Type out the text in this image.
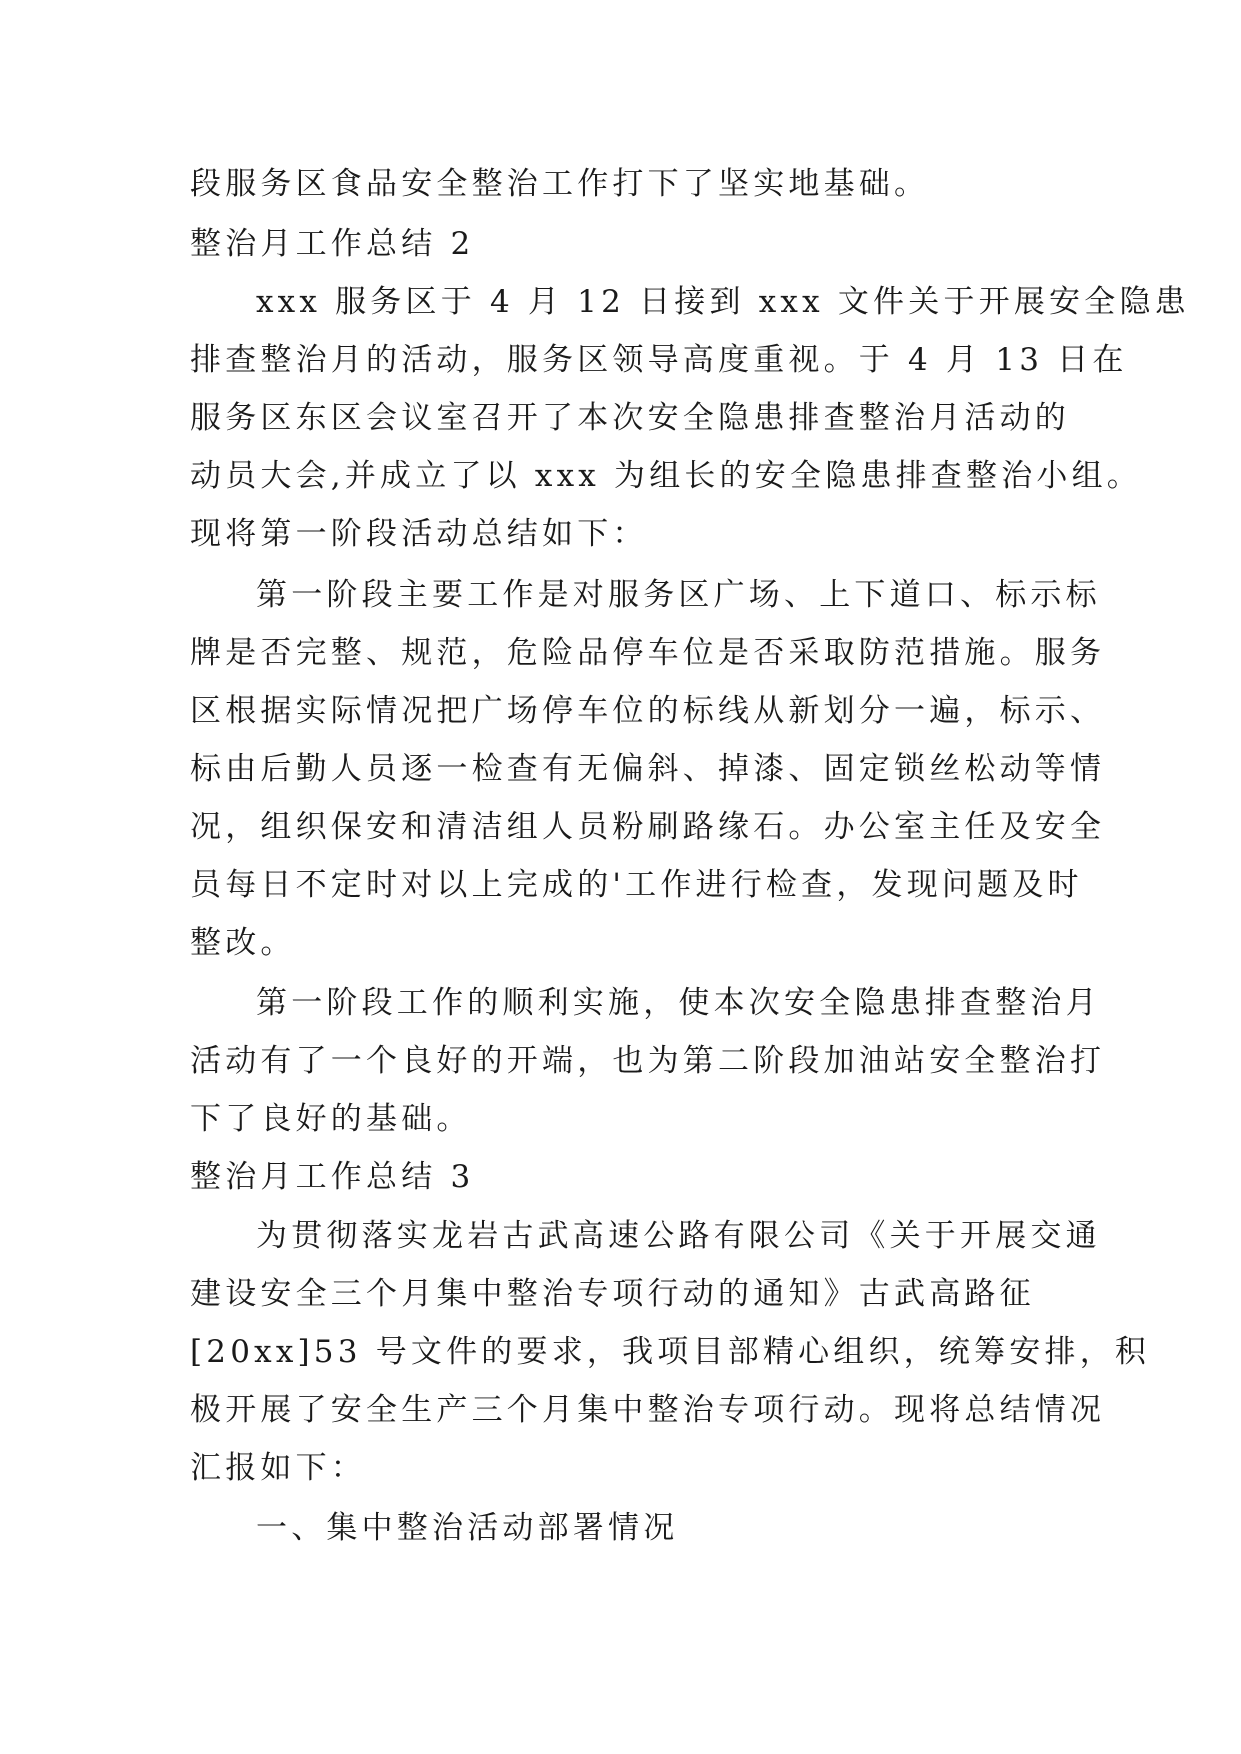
段服务区食品安全整治工作打下了坚实地基础。
整治月工作总结 2
xxx 服务区于 4 月 12 日接到 xxx 文件关于开展安全隐患
排查整治月的活动，服务区领导高度重视。于 4 月 13 日在
服务区东区会议室召开了本次安全隐患排查整治月活动的
动员大会,并成立了以 xxx 为组长的安全隐患排查整治小组。
现将第一阶段活动总结如下：
第一阶段主要工作是对服务区广场、上下道口、标示标
牌是否完整、规范，危险品停车位是否采取防范措施。服务
区根据实际情况把广场停车位的标线从新划分一遍，标示、
标由后勤人员逐一检查有无偏斜、掉漆、固定锁丝松动等情
况，组织保安和清洁组人员粉刷路缘石。办公室主任及安全
员每日不定时对以上完成的'工作进行检查，发现问题及时
整改。
第一阶段工作的顺利实施，使本次安全隐患排查整治月
活动有了一个良好的开端，也为第二阶段加油站安全整治打
下了良好的基础。
整治月工作总结 3
为贯彻落实龙岩古武高速公路有限公司《关于开展交通
建设安全三个月集中整治专项行动的通知》古武高路征
[20xx]53 号文件的要求，我项目部精心组织，统筹安排，积
极开展了安全生产三个月集中整治专项行动。现将总结情况
汇报如下：
一、集中整治活动部署情况
